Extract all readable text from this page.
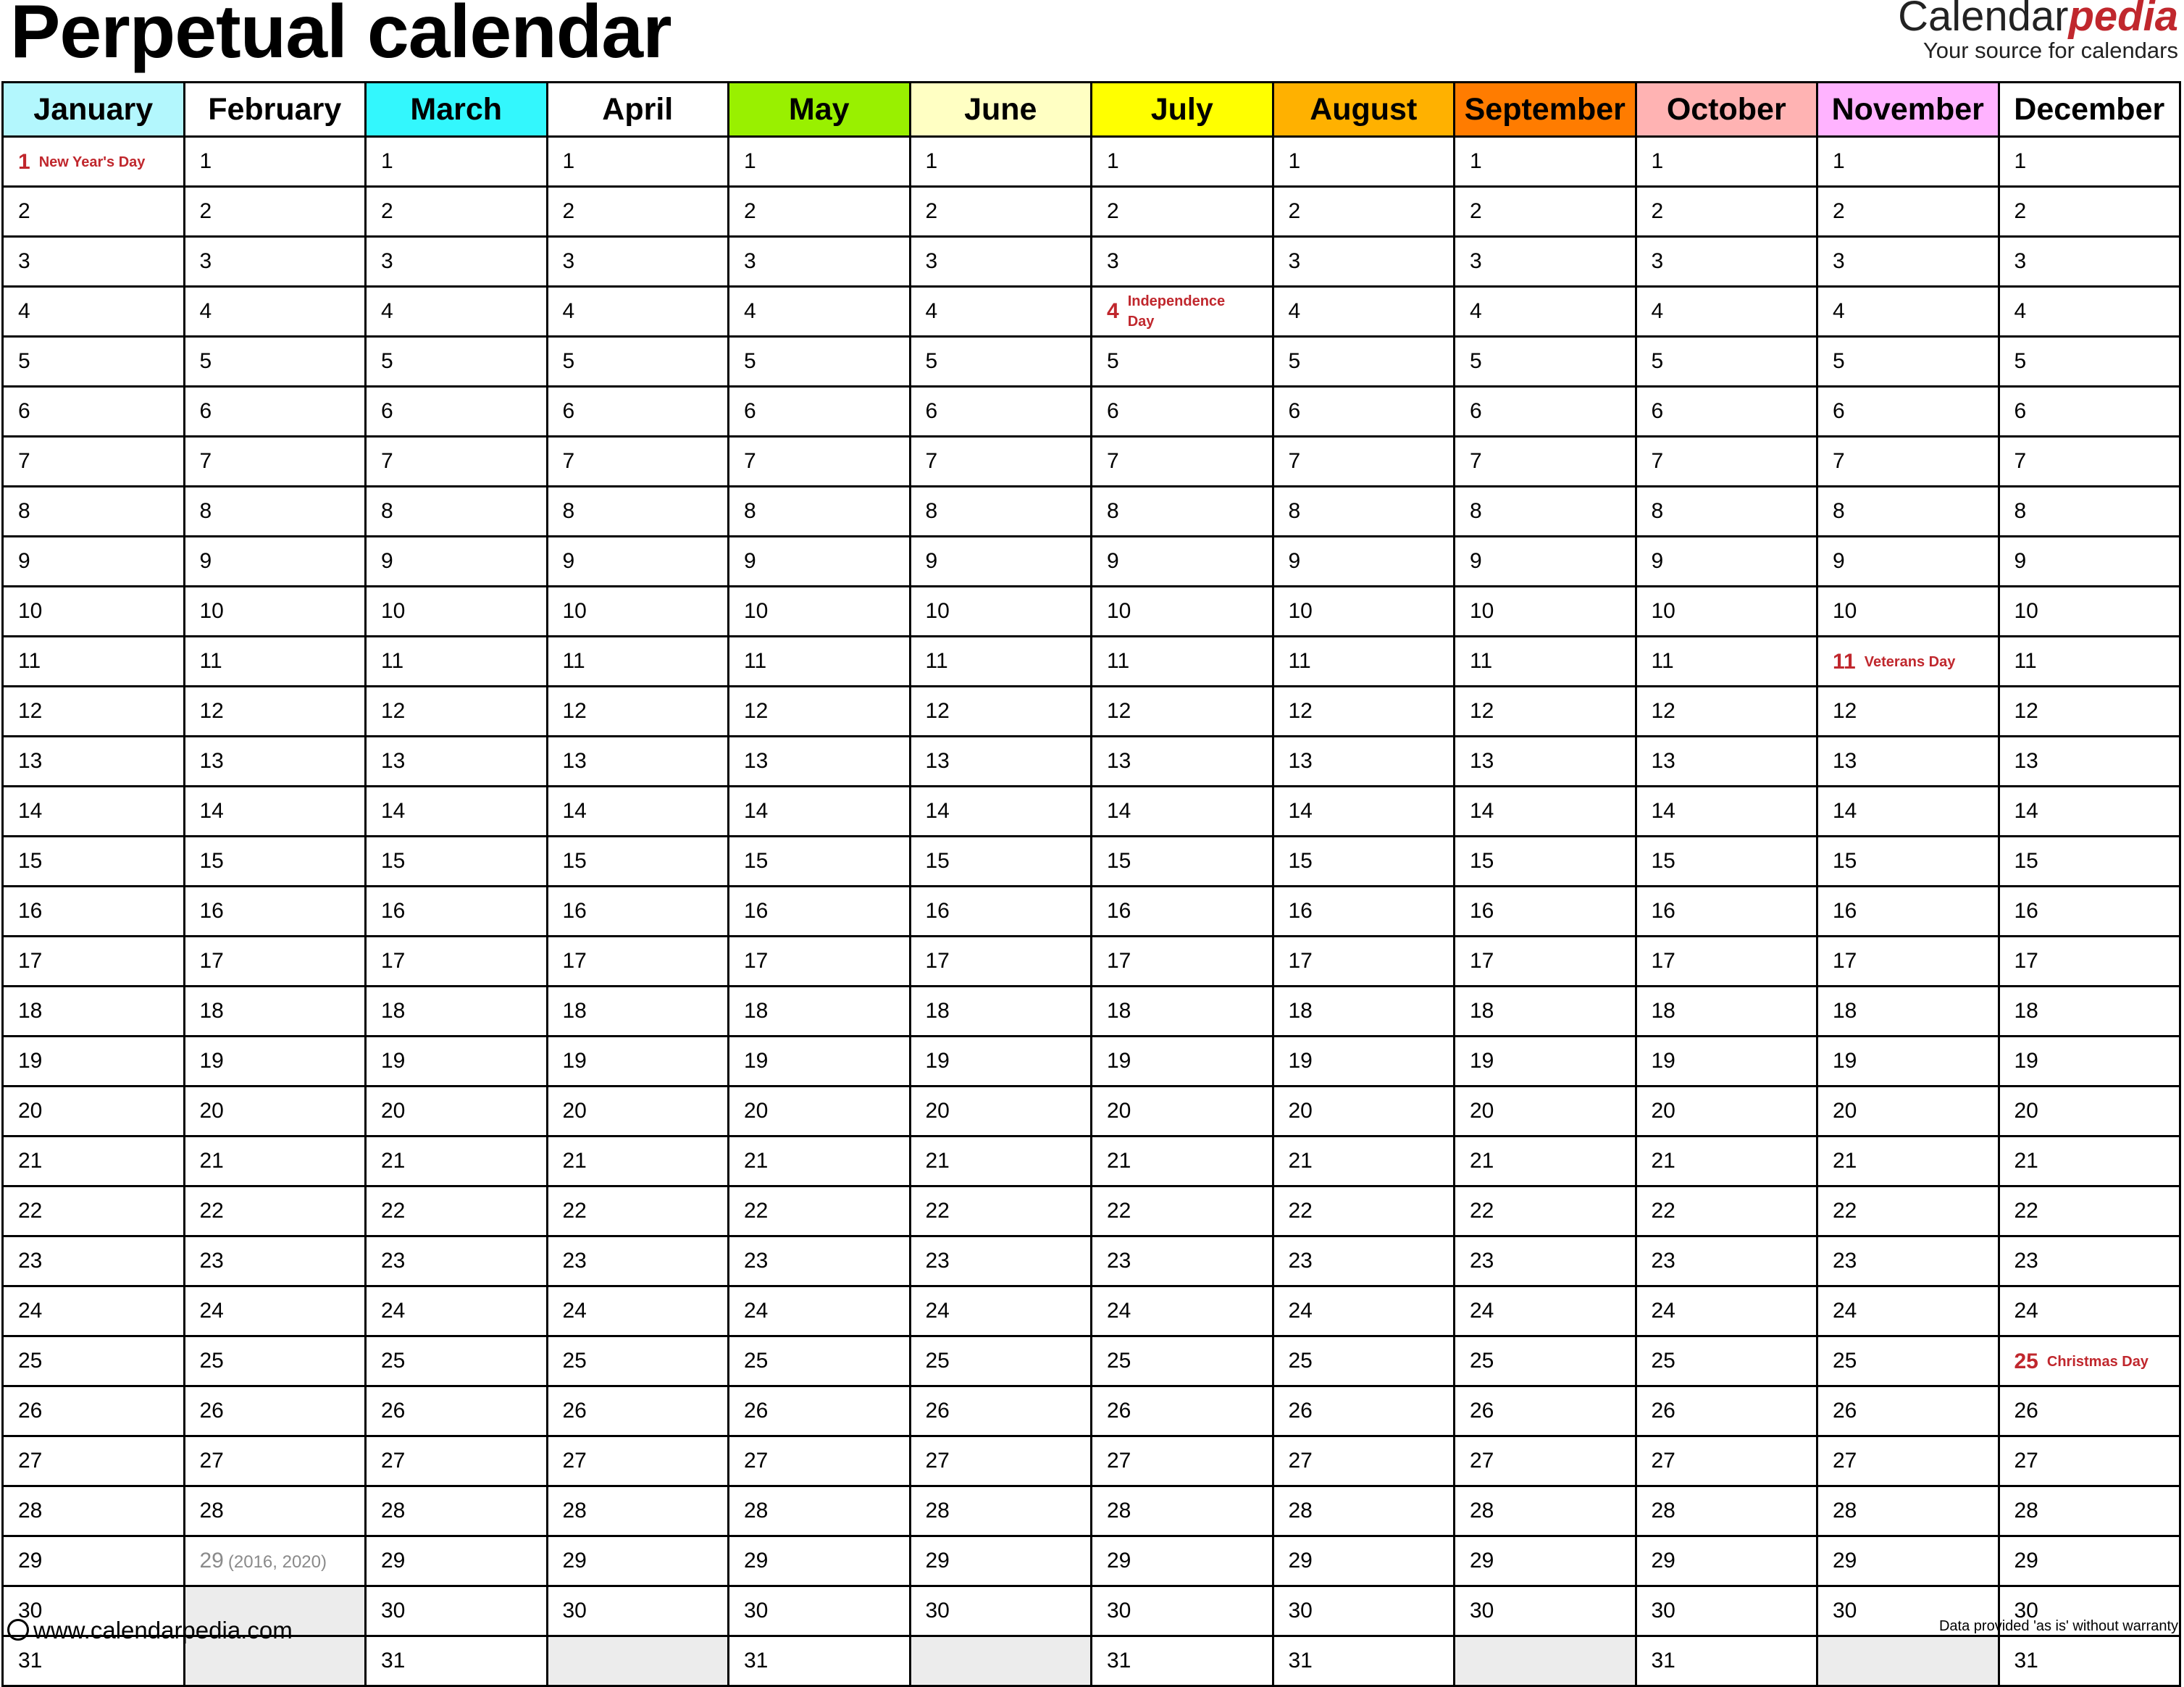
Perpetual calendar	Calendarpedia
Your source for calendars
January	February	March	April	May	June	July	August	September	October	November	December
1 New Year's Day	1	1	1	1	1	1	1	1	1	1	1
2	2	2	2	2	2	2	2	2	2	2	2
3	3	3	3	3	3	3	3	3	3	3	3
4	4	4	4	4	4	4 Independence Day	4	4	4	4	4
5	5	5	5	5	5	5	5	5	5	5	5
6	6	6	6	6	6	6	6	6	6	6	6
7	7	7	7	7	7	7	7	7	7	7	7
8	8	8	8	8	8	8	8	8	8	8	8
9	9	9	9	9	9	9	9	9	9	9	9
10	10	10	10	10	10	10	10	10	10	10	10
11	11	11	11	11	11	11	11	11	11	11 Veterans Day	11
12	12	12	12	12	12	12	12	12	12	12	12
13	13	13	13	13	13	13	13	13	13	13	13
14	14	14	14	14	14	14	14	14	14	14	14
15	15	15	15	15	15	15	15	15	15	15	15
16	16	16	16	16	16	16	16	16	16	16	16
17	17	17	17	17	17	17	17	17	17	17	17
18	18	18	18	18	18	18	18	18	18	18	18
19	19	19	19	19	19	19	19	19	19	19	19
20	20	20	20	20	20	20	20	20	20	20	20
21	21	21	21	21	21	21	21	21	21	21	21
22	22	22	22	22	22	22	22	22	22	22	22
23	23	23	23	23	23	23	23	23	23	23	23
24	24	24	24	24	24	24	24	24	24	24	24
25	25	25	25	25	25	25	25	25	25	25	25 Christmas Day
26	26	26	26	26	26	26	26	26	26	26	26
27	27	27	27	27	27	27	27	27	27	27	27
28	28	28	28	28	28	28	28	28	28	28	28
29	29 (2016, 2020)	29	29	29	29	29	29	29	29	29	29
30		30	30	30	30	30	30	30	30	30	30
31		31		31		31	31		31		31
www.calendarpedia.com	Data provided 'as is' without warranty
